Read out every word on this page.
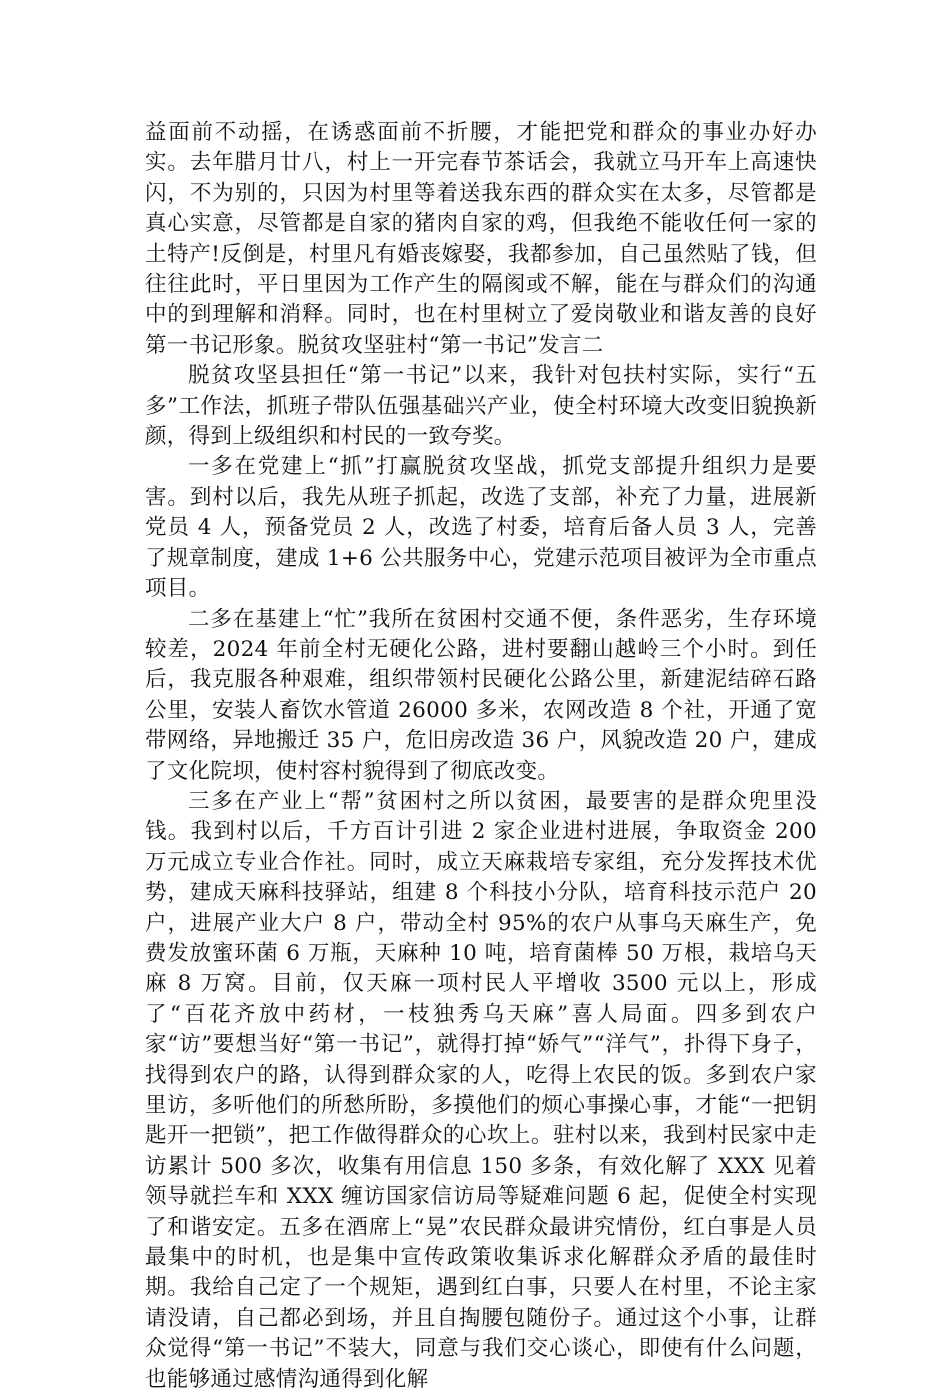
益面前不动摇，在诱惑面前不折腰，才能把党和群众的事业办好办实。去年腊月廿八，村上一开完春节茶话会，我就立马开车上高速快闪，不为别的，只因为村里等着送我东西的群众实在太多，尽管都是真心实意，尽管都是自家的猪肉自家的鸡，但我绝不能收任何一家的土特产!反倒是，村里凡有婚丧嫁娶，我都参加，自己虽然贴了钱，但往往此时，平日里因为工作产生的隔阂或不解，能在与群众们的沟通中的到理解和消释。同时，也在村里树立了爱岗敬业和谐友善的良好第一书记形象。脱贫攻坚驻村“第一书记”发言二

脱贫攻坚县担任“第一书记”以来，我针对包扶村实际，实行“五多”工作法，抓班子带队伍强基础兴产业，使全村环境大改变旧貌换新颜，得到上级组织和村民的一致夸奖。

一多在党建上“抓”打赢脱贫攻坚战，抓党支部提升组织力是要害。到村以后，我先从班子抓起，改选了支部，补充了力量，进展新党员 4 人，预备党员 2 人，改选了村委，培育后备人员 3 人，完善了规章制度，建成 1+6 公共服务中心，党建示范项目被评为全市重点项目。

二多在基建上“忙”我所在贫困村交通不便，条件恶劣，生存环境较差，2024 年前全村无硬化公路，进村要翻山越岭三个小时。到任后，我克服各种艰难，组织带领村民硬化公路公里，新建泥结碎石路公里，安装人畜饮水管道 26000 多米，农网改造 8 个社，开通了宽带网络，异地搬迁 35 户，危旧房改造 36 户，风貌改造 20 户，建成了文化院坝，使村容村貌得到了彻底改变。

三多在产业上“帮”贫困村之所以贫困，最要害的是群众兜里没钱。我到村以后，千方百计引进 2 家企业进村进展，争取资金 200 万元成立专业合作社。同时，成立天麻栽培专家组，充分发挥技术优势，建成天麻科技驿站，组建 8 个科技小分队，培育科技示范户 20 户，进展产业大户 8 户，带动全村 95%的农户从事乌天麻生产，免费发放蜜环菌 6 万瓶，天麻种 10 吨，培育菌棒 50 万根，栽培乌天麻 8 万窝。目前，仅天麻一项村民人平增收 3500 元以上，形成了“百花齐放中药材，一枝独秀乌天麻”喜人局面。四多到农户家“访”要想当好“第一书记”，就得打掉“娇气”“洋气”，扑得下身子，找得到农户的路，认得到群众家的人，吃得上农民的饭。多到农户家里访，多听他们的所愁所盼，多摸他们的烦心事操心事，才能“一把钥匙开一把锁”，把工作做得群众的心坎上。驻村以来，我到村民家中走访累计 500 多次，收集有用信息 150 多条，有效化解了 XXX 见着领导就拦车和 XXX 缠访国家信访局等疑难问题 6 起，促使全村实现了和谐安定。五多在酒席上“晃”农民群众最讲究情份，红白事是人员最集中的时机，也是集中宣传政策收集诉求化解群众矛盾的最佳时期。我给自己定了一个规矩，遇到红白事，只要人在村里，不论主家请没请，自己都必到场，并且自掏腰包随份子。通过这个小事，让群众觉得“第一书记”不装大，同意与我们交心谈心，即使有什么问题，也能够通过感情沟通得到化解
